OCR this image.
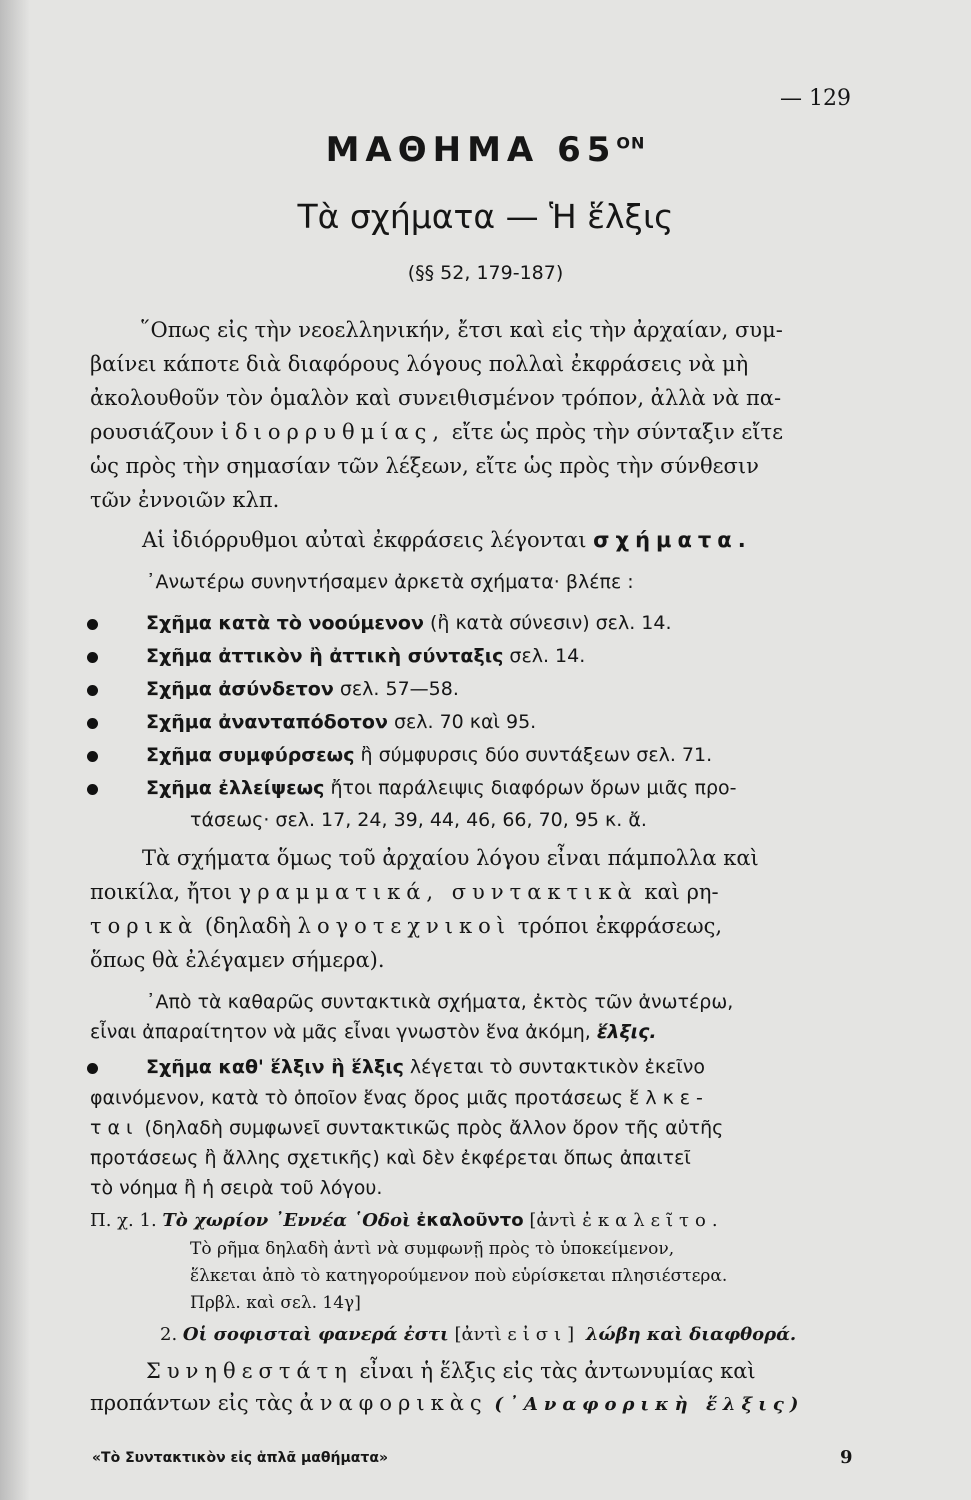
— 129
ΜΑΘΗΜΑ $65^{ON}$
Τὰ σχήματα — Ἡ ἕλξις
(§§ 52, 179-187)
῞Οπως εἰς τὴν νεοελληνικήν, ἔτσι καὶ εἰς τὴν ἀρχαίαν, συμ-
βαίνει κάποτε διὰ διαφόρους λόγους πολλαὶ ἐκφράσεις νὰ μὴ
ἀκολουθοῦν τὸν ὁμαλὸν καὶ συνειθισμένον τρόπον, ἀλλὰ νὰ πα-
ρουσιάζουν ἰδιορρυθμίας, εἴτε ὡς πρὸς τὴν σύνταξιν εἴτε
ὡς πρὸς τὴν σημασίαν τῶν λέξεων, εἴτε ὡς πρὸς τὴν σύνθεσιν
τῶν ἐννοιῶν κλπ.
Αἱ ἰδιόρρυθμοι αὐταὶ ἐκφράσεις λέγονται σχήματα.
᾿Ανωτέρω συνηντήσαμεν ἀρκετὰ σχήματα· βλέπε :
Σχῆμα κατὰ τὸ νοούμενον (ἢ κατὰ σύνεσιν) σελ. 14.
Σχῆμα ἀττικὸν ἢ ἀττικὴ σύνταξις σελ. 14.
Σχῆμα ἀσύνδετον σελ. 57—58.
Σχῆμα ἀνανταπόδοτον σελ. 70 καὶ 95.
Σχῆμα συμφύρσεως ἢ σύμφυρσις δύο συντάξεων σελ. 71.
Σχῆμα ἐλλείψεως ἤτοι παράλειψις διαφόρων ὅρων μιᾶς προ-
τάσεως· σελ. 17, 24, 39, 44, 46, 66, 70, 95 κ. ἄ.
Τὰ σχήματα ὅμως τοῦ ἀρχαίου λόγου εἶναι πάμπολλα καὶ
ποικίλα, ἤτοι γραμματικά, συντακτικὰ καὶ ρη-
τορικὰ (δηλαδὴ λογοτεχνικοὶ τρόποι ἐκφράσεως,
ὅπως θὰ ἐλέγαμεν σήμερα).
᾿Απὸ τὰ καθαρῶς συντακτικὰ σχήματα, ἐκτὸς τῶν ἀνωτέρω,
εἶναι ἀπαραίτητον νὰ μᾶς εἶναι γνωστὸν ἕνα ἀκόμη, ἕλξις.
Σχῆμα καθ' ἕλξιν ἢ ἕλξις λέγεται τὸ συντακτικὸν ἐκεῖνο
φαινόμενον, κατὰ τὸ ὁποῖον ἕνας ὅρος μιᾶς προτάσεως ἕλκε-
ται (δηλαδὴ συμφωνεῖ συντακτικῶς πρὸς ἄλλον ὅρον τῆς αὐτῆς
προτάσεως ἢ ἄλλης σχετικῆς) καὶ δὲν ἐκφέρεται ὅπως ἀπαιτεῖ
τὸ νόημα ἢ ἡ σειρὰ τοῦ λόγου.
Π. χ. 1. Τὸ χωρίον ᾿Εννέα ῾Οδοὶ ἐκαλοῦντο [ἀντὶ ἐκαλεῖτο.
Τὸ ρῆμα δηλαδὴ ἀντὶ νὰ συμφωνῇ πρὸς τὸ ὑποκείμενον,
ἕλκεται ἀπὸ τὸ κατηγορούμενον ποὺ εὑρίσκεται πλησιέστερα.
Πρβλ. καὶ σελ. 14γ]
2. Οἱ σοφισταὶ φανερά ἐστι [ἀντὶ εἰσι] λώβη καὶ διαφθορά.
Συνηθεστάτη εἶναι ἡ ἕλξις εἰς τὰς ἀντωνυμίας καὶ
προπάντων εἰς τὰς ἀναφορικὰς (᾿Αναφορικὴ ἕλξις)
«Τὸ Συντακτικὸν εἰς ἁπλᾶ μαθήματα»	9
